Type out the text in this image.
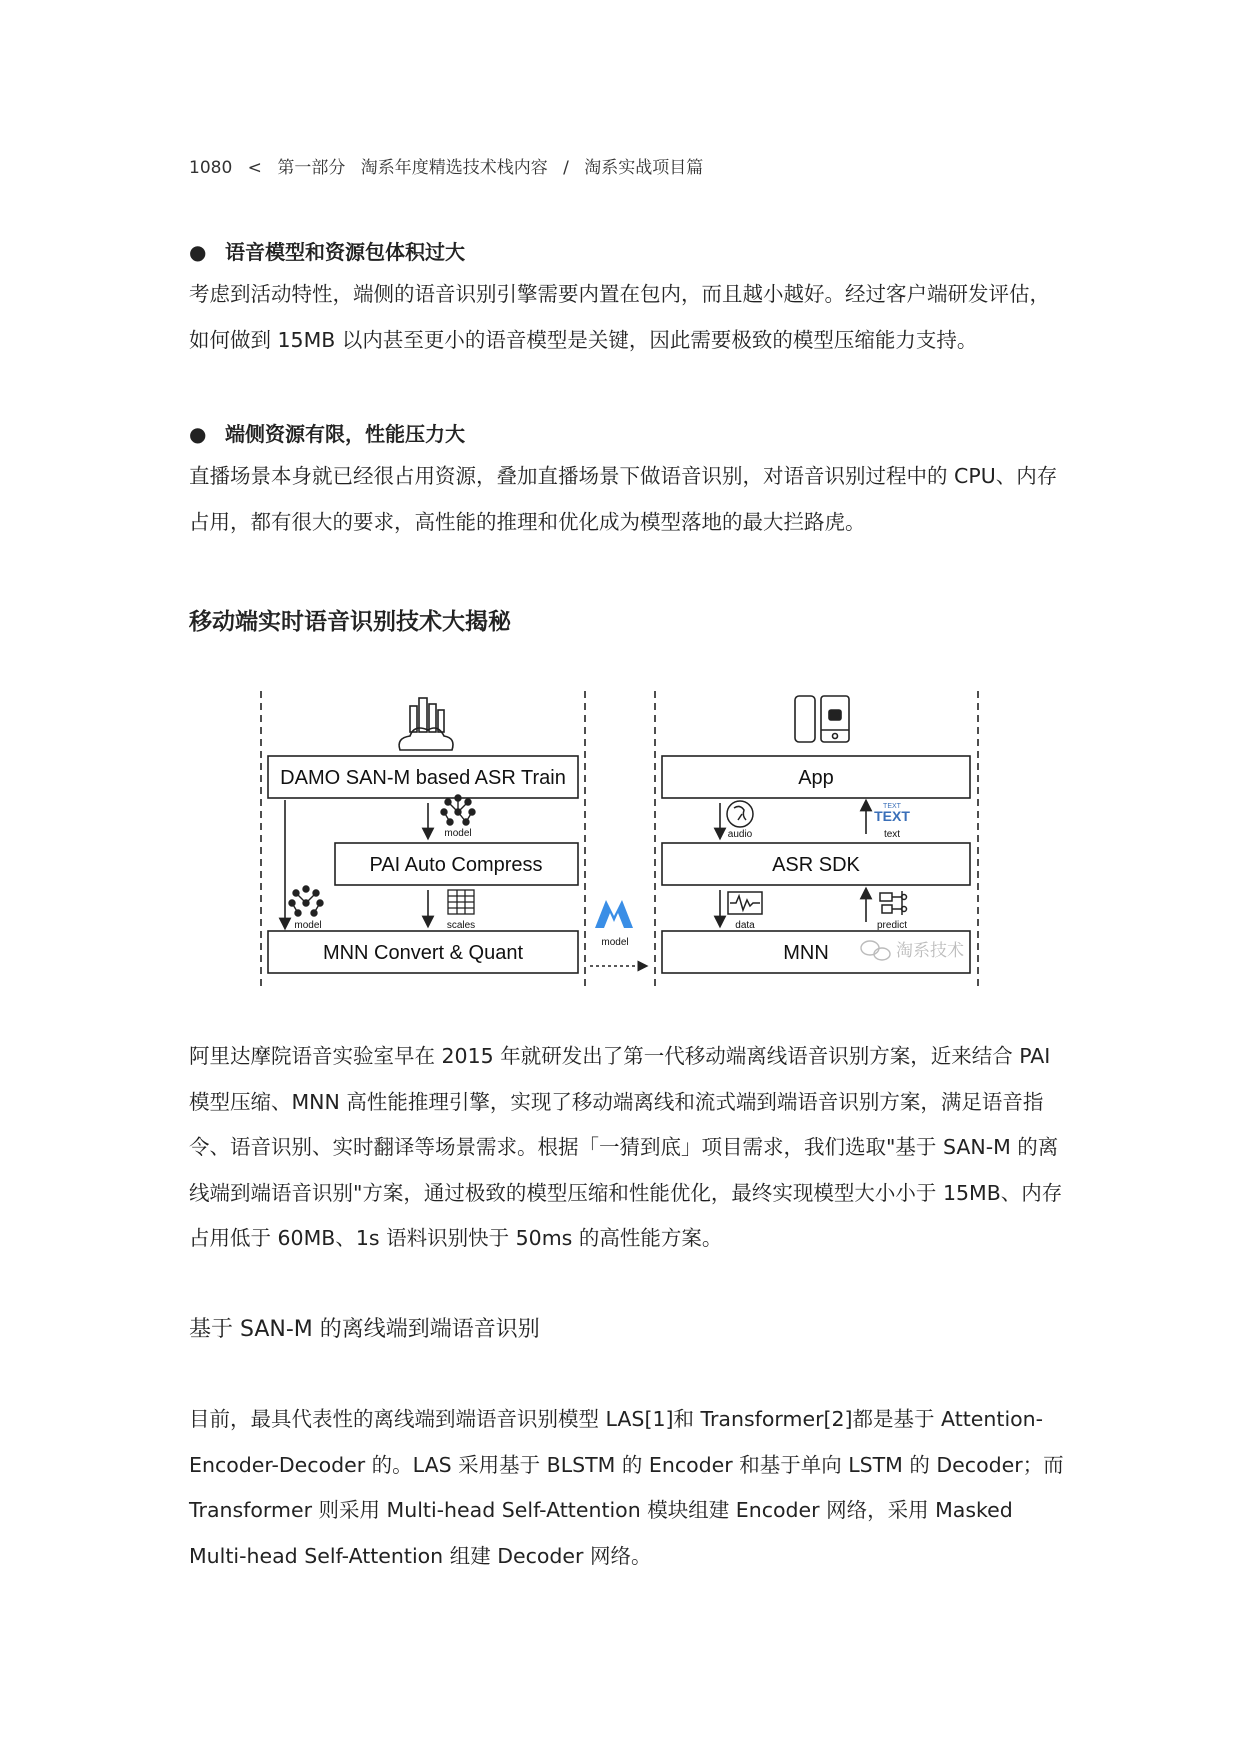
1080 < 第一部分 淘系年度精选技术栈内容 / 淘系实战项目篇
● 语音模型和资源包体积过大
考虑到活动特性，端侧的语音识别引擎需要内置在包内，而且越小越好。经过客户端研发评估，如何做到 15MB 以内甚至更小的语音模型是关键，因此需要极致的模型压缩能力支持。
● 端侧资源有限，性能压力大
直播场景本身就已经很占用资源，叠加直播场景下做语音识别，对语音识别过程中的 CPU、内存占用，都有很大的要求，高性能的推理和优化成为模型落地的最大拦路虎。
移动端实时语音识别技术大揭秘
DAMO SAN-M based ASR Train
PAI Auto Compress
MNN Convert & Quant
model
model	scales
model
App
ASR SDK
MNN
audio
TEXT
TEXT
text
data	predict
淘系技术
阿里达摩院语音实验室早在 2015 年就研发出了第一代移动端离线语音识别方案，近来结合 PAI 模型压缩、MNN 高性能推理引擎，实现了移动端离线和流式端到端语音识别方案，满足语音指令、语音识别、实时翻译等场景需求。根据「一猜到底」项目需求，我们选取"基于 SAN-M 的离线端到端语音识别"方案，通过极致的模型压缩和性能优化，最终实现模型大小小于 15MB、内存占用低于 60MB、1s 语料识别快于 50ms 的高性能方案。
基于 SAN-M 的离线端到端语音识别
目前，最具代表性的离线端到端语音识别模型 LAS[1]和 Transformer[2]都是基于 Attention-Encoder-Decoder 的。LAS 采用基于 BLSTM 的 Encoder 和基于单向 LSTM 的 Decoder；而 Transformer 则采用 Multi-head Self-Attention 模块组建 Encoder 网络，采用 Masked Multi-head Self-Attention 组建 Decoder 网络。
